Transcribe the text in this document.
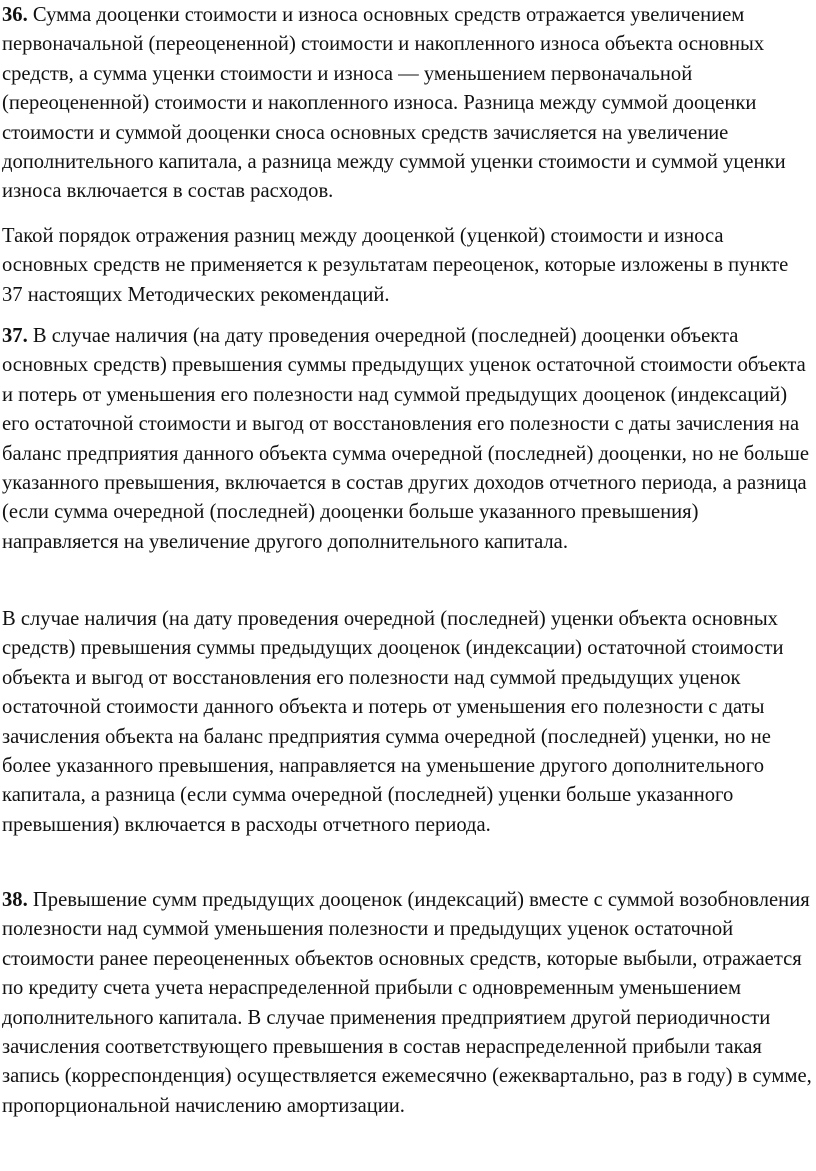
36. Сумма дооценки стоимости и износа основных средств отражается увеличением первоначальной (переоцененной) стоимости и накопленного износа объекта основных средств, а сумма уценки стоимости и износа — уменьшением первоначальной (переоцененной) стоимости и накопленного износа. Разница между суммой дооценки стоимости и суммой дооценки сноса основных средств зачисляется на увеличение дополнительного капитала, а разница между суммой уценки стоимости и суммой уценки износа включается в состав расходов.

Такой порядок отражения разниц между дооценкой (уценкой) стоимости и износа основных средств не применяется к результатам переоценок, которые изложены в пункте 37 настоящих Методических рекомендаций.

37. В случае наличия (на дату проведения очередной (последней) дооценки объекта основных средств) превышения суммы предыдущих уценок остаточной стоимости объекта и потерь от уменьшения его полезности над суммой предыдущих дооценок (индексаций) его остаточной стоимости и выгод от восстановления его полезности с даты зачисления на баланс предприятия данного объекта сумма очередной (последней) дооценки, но не больше указанного превышения, включается в состав других доходов отчетного периода, а разница (если сумма очередной (последней) дооценки больше указанного превышения) направляется на увеличение другого дополнительного капитала.

В случае наличия (на дату проведения очередной (последней) уценки объекта основных средств) превышения суммы предыдущих дооценок (индексации) остаточной стоимости объекта и выгод от восстановления его полезности над суммой предыдущих уценок остаточной стоимости данного объекта и потерь от уменьшения его полезности с даты зачисления объекта на баланс предприятия сумма очередной (последней) уценки, но не более указанного превышения, направляется на уменьшение другого дополнительного капитала, а разница (если сумма очередной (последней) уценки больше указанного превышения) включается в расходы отчетного периода.

38. Превышение сумм предыдущих дооценок (индексаций) вместе с суммой возобновления полезности над суммой уменьшения полезности и предыдущих уценок остаточной стоимости ранее переоцененных объектов основных средств, которые выбыли, отражается по кредиту счета учета нераспределенной прибыли с одновременным уменьшением дополнительного капитала. В случае применения предприятием другой периодичности зачисления соответствующего превышения в состав нераспределенной прибыли такая запись (корреспонденция) осуществляется ежемесячно (ежеквартально, раз в году) в сумме, пропорциональной начислению амортизации.
